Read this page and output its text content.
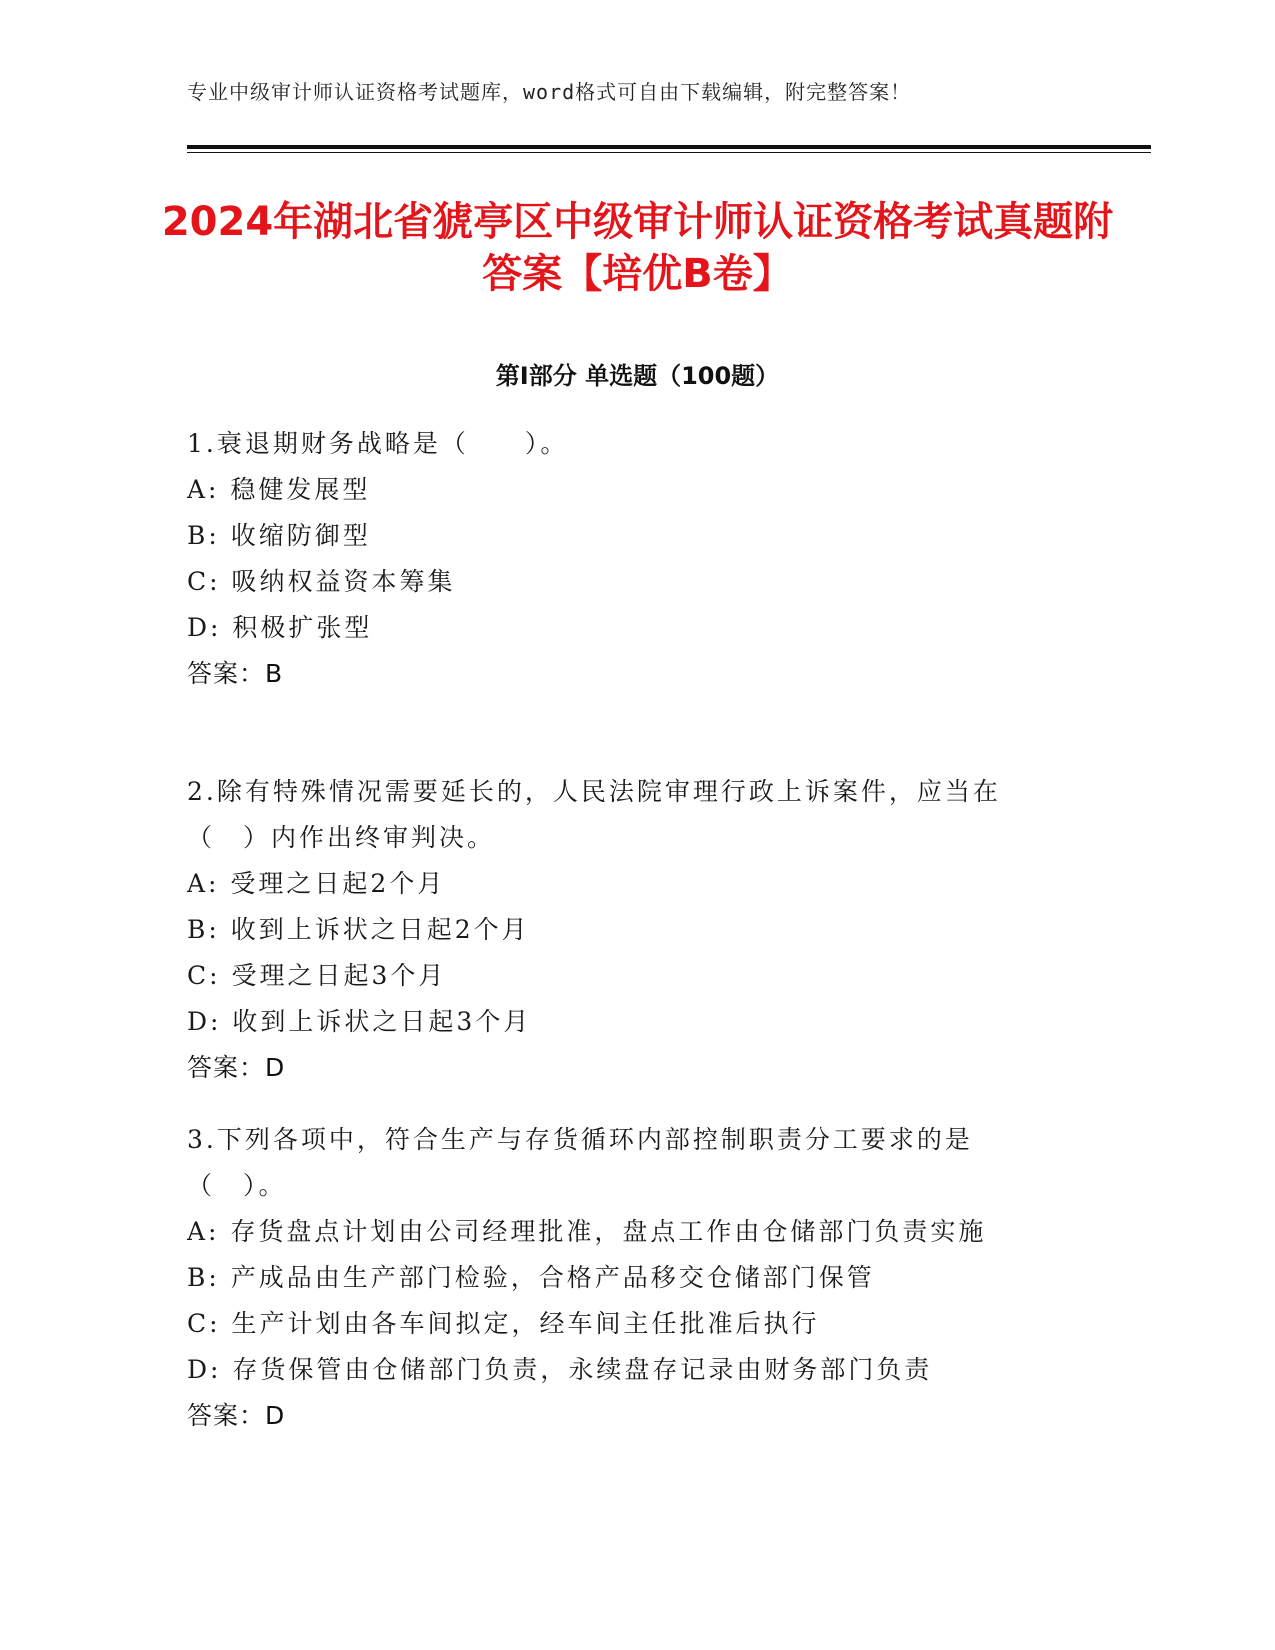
专业中级审计师认证资格考试题库，word格式可自由下载编辑，附完整答案！
2024年湖北省猇亭区中级审计师认证资格考试真题附答案【培优B卷】
第I部分 单选题（100题）
1.衰退期财务战略是（　　）。
A: 稳健发展型
B: 收缩防御型
C: 吸纳权益资本筹集
D: 积极扩张型
答案：B
2.除有特殊情况需要延长的，人民法院审理行政上诉案件，应当在（　）内作出终审判决。
A: 受理之日起2个月
B: 收到上诉状之日起2个月
C: 受理之日起3个月
D: 收到上诉状之日起3个月
答案：D
3.下列各项中，符合生产与存货循环内部控制职责分工要求的是（　）。
A: 存货盘点计划由公司经理批准，盘点工作由仓储部门负责实施
B: 产成品由生产部门检验，合格产品移交仓储部门保管
C: 生产计划由各车间拟定，经车间主任批准后执行
D: 存货保管由仓储部门负责，永续盘存记录由财务部门负责
答案：D
